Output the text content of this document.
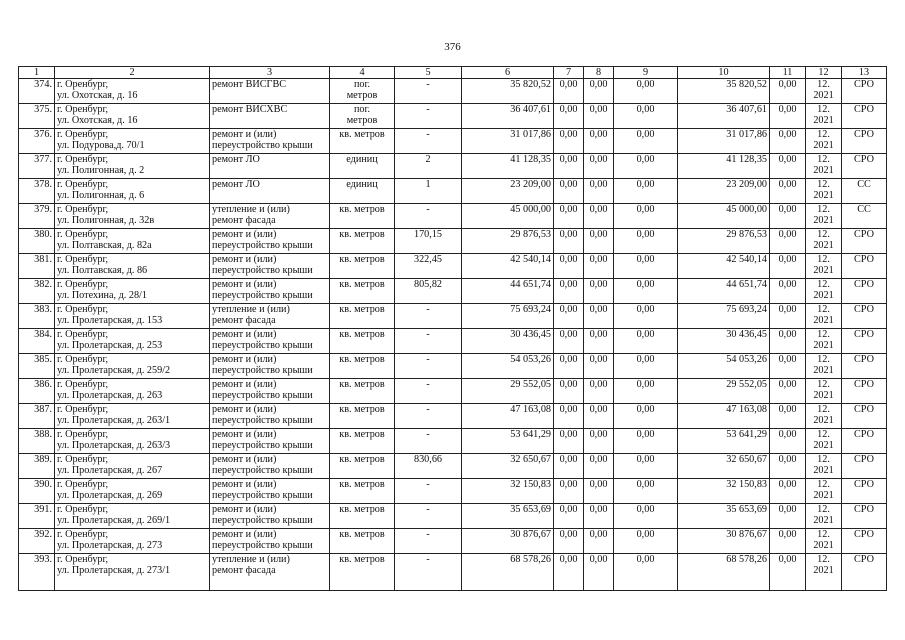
376
1	2	3	4	5	6	7	8	9	10	11	12	13

374.	г. Оренбург,
ул. Охотская, д. 16	ремонт ВИСГВС	пог.
метров	-	35 820,52	0,00	0,00	0,00	35 820,52	0,00	12.
2021	СРО

375.	г. Оренбург,
ул. Охотская, д. 16	ремонт ВИСХВС	пог.
метров	-	36 407,61	0,00	0,00	0,00	36 407,61	0,00	12.
2021	СРО

376.	г. Оренбург,
ул. Подурова,д. 70/1	ремонт и (или)
переустройство крыши	кв. метров	-	31 017,86	0,00	0,00	0,00	31 017,86	0,00	12.
2021	СРО

377.	г. Оренбург,
ул. Полигонная, д. 2	ремонт ЛО	единиц	2	41 128,35	0,00	0,00	0,00	41 128,35	0,00	12.
2021	СРО

378.	г. Оренбург,
ул. Полигонная, д. 6	ремонт ЛО	единиц	1	23 209,00	0,00	0,00	0,00	23 209,00	0,00	12.
2021	СС

379.	г. Оренбург,
ул. Полигонная, д. 32в	утепление и (или)
ремонт фасада	кв. метров	-	45 000,00	0,00	0,00	0,00	45 000,00	0,00	12.
2021	СС

380.	г. Оренбург,
ул. Полтавская, д. 82а	ремонт и (или)
переустройство крыши	кв. метров	170,15	29 876,53	0,00	0,00	0,00	29 876,53	0,00	12.
2021	СРО

381.	г. Оренбург,
ул. Полтавская, д. 86	ремонт и (или)
переустройство крыши	кв. метров	322,45	42 540,14	0,00	0,00	0,00	42 540,14	0,00	12.
2021	СРО

382.	г. Оренбург,
ул. Потехина, д. 28/1	ремонт и (или)
переустройство крыши	кв. метров	805,82	44 651,74	0,00	0,00	0,00	44 651,74	0,00	12.
2021	СРО

383.	г. Оренбург,
ул. Пролетарская, д. 153	утепление и (или)
ремонт фасада	кв. метров	-	75 693,24	0,00	0,00	0,00	75 693,24	0,00	12.
2021	СРО

384.	г. Оренбург,
ул. Пролетарская, д. 253	ремонт и (или)
переустройство крыши	кв. метров	-	30 436,45	0,00	0,00	0,00	30 436,45	0,00	12.
2021	СРО

385.	г. Оренбург,
ул. Пролетарская, д. 259/2	ремонт и (или)
переустройство крыши	кв. метров	-	54 053,26	0,00	0,00	0,00	54 053,26	0,00	12.
2021	СРО

386.	г. Оренбург,
ул. Пролетарская, д. 263	ремонт и (или)
переустройство крыши	кв. метров	-	29 552,05	0,00	0,00	0,00	29 552,05	0,00	12.
2021	СРО

387.	г. Оренбург,
ул. Пролетарская, д. 263/1	ремонт и (или)
переустройство крыши	кв. метров	-	47 163,08	0,00	0,00	0,00	47 163,08	0,00	12.
2021	СРО

388.	г. Оренбург,
ул. Пролетарская, д. 263/3	ремонт и (или)
переустройство крыши	кв. метров	-	53 641,29	0,00	0,00	0,00	53 641,29	0,00	12.
2021	СРО

389.	г. Оренбург,
ул. Пролетарская, д. 267	ремонт и (или)
переустройство крыши	кв. метров	830,66	32 650,67	0,00	0,00	0,00	32 650,67	0,00	12.
2021	СРО

390.	г. Оренбург,
ул. Пролетарская, д. 269	ремонт и (или)
переустройство крыши	кв. метров	-	32 150,83	0,00	0,00	0,00	32 150,83	0,00	12.
2021	СРО

391.	г. Оренбург,
ул. Пролетарская, д. 269/1	ремонт и (или)
переустройство крыши	кв. метров	-	35 653,69	0,00	0,00	0,00	35 653,69	0,00	12.
2021	СРО

392.	г. Оренбург,
ул. Пролетарская, д. 273	ремонт и (или)
переустройство крыши	кв. метров	-	30 876,67	0,00	0,00	0,00	30 876,67	0,00	12.
2021	СРО

393.	г. Оренбург,
ул. Пролетарская, д. 273/1	утепление и (или)
ремонт фасада	кв. метров	-	68 578,26	0,00	0,00	0,00	68 578,26	0,00	12.
2021	СРО
